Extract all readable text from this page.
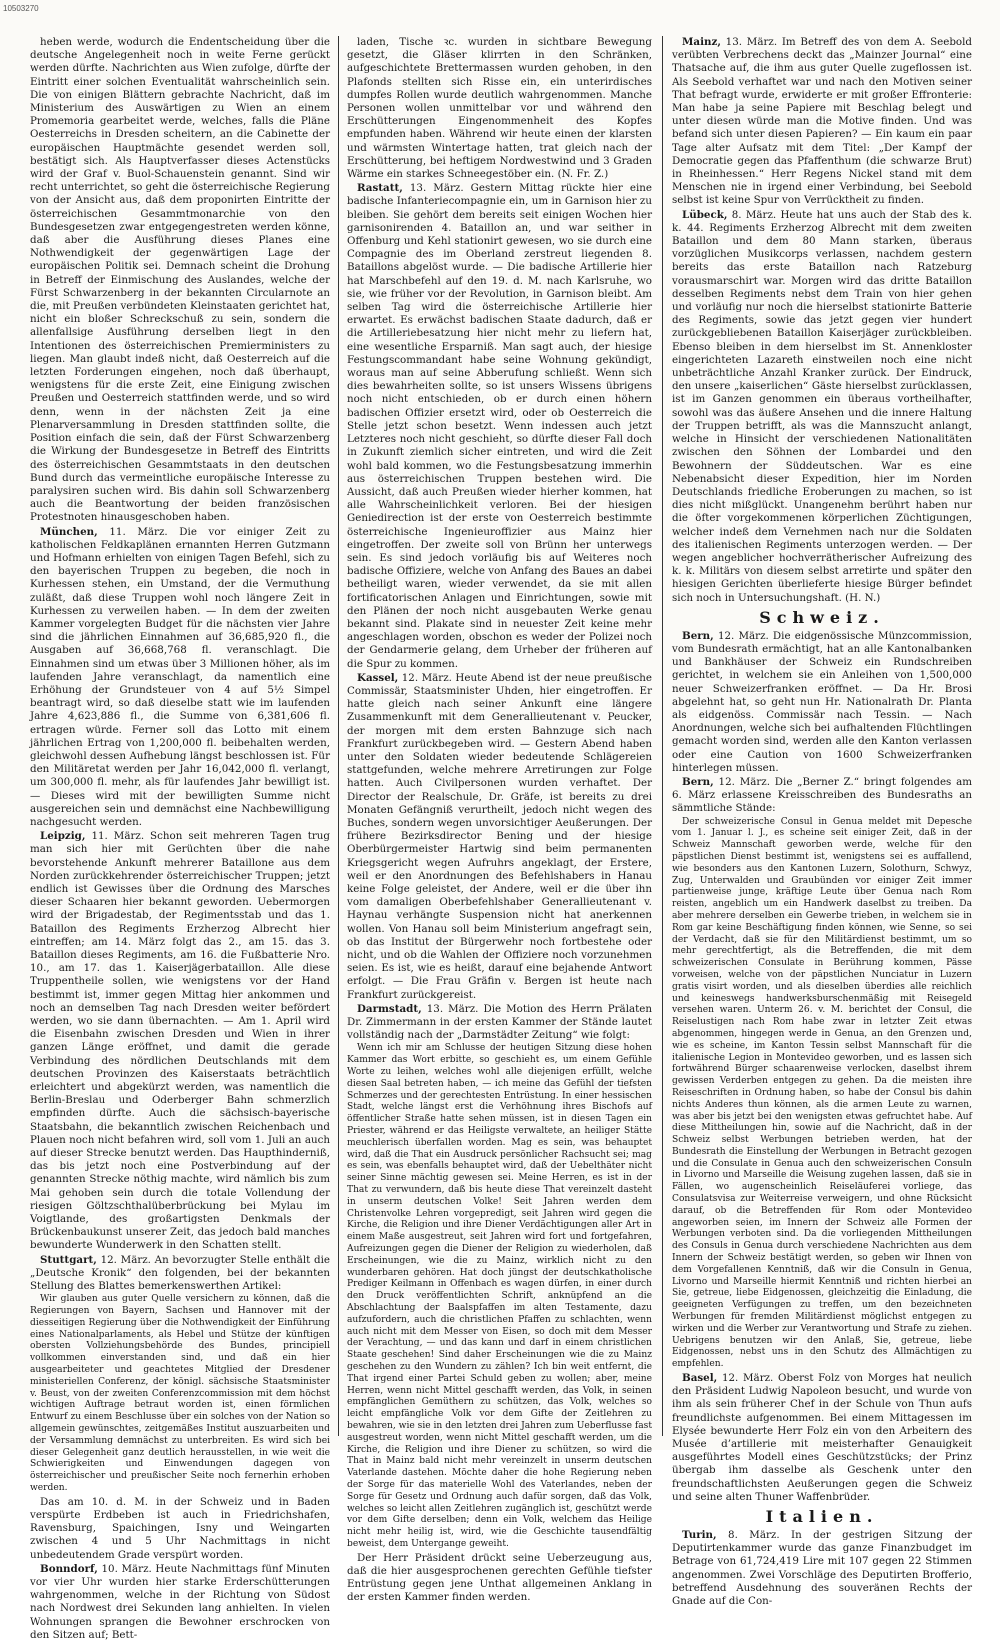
10503270

heben werde, wodurch die Endentscheidung über die deutsche Angelegenheit noch in weite Ferne gerückt werden dürfte. Nachrichten aus Wien zufolge, dürfte der Eintritt einer solchen Eventualität wahrscheinlich sein. Die von einigen Blättern gebrachte Nachricht, daß im Ministerium des Auswärtigen zu Wien an einem Promemoria gearbeitet werde, welches, falls die Pläne Oesterreichs in Dresden scheitern, an die Cabinette der europäischen Hauptmächte gesendet werden soll, bestätigt sich. Als Hauptverfasser dieses Actenstücks wird der Graf v. Buol-Schauenstein genannt. Sind wir recht unterrichtet, so geht die österreichische Regierung von der Ansicht aus, daß dem proponirten Eintritte der österreichischen Gesammtmonarchie von den Bundesgesetzen zwar entgegengestreten werden könne, daß aber die Ausführung dieses Planes eine Nothwendigkeit der gegenwärtigen Lage der europäischen Politik sei. Demnach scheint die Drohung in Betreff der Einmischung des Auslandes, welche der Fürst Schwarzenberg in der bekannten Circularnote an die, mit Preußen verbündeten Kleinstaaten gerichtet hat, nicht ein bloßer Schreckschuß zu sein, sondern die allenfallsige Ausführung derselben liegt in den Intentionen des österreichischen Premierministers zu liegen. Man glaubt indeß nicht, daß Oesterreich auf die letzten Forderungen eingehen, noch daß überhaupt, wenigstens für die erste Zeit, eine Einigung zwischen Preußen und Oesterreich stattfinden werde, und so wird denn, wenn in der nächsten Zeit ja eine Plenarversammlung in Dresden stattfinden sollte, die Position einfach die sein, daß der Fürst Schwarzenberg die Wirkung der Bundesgesetze in Betreff des Eintritts des österreichischen Gesammtstaats in den deutschen Bund durch das vermeintliche europäische Interesse zu paralysiren suchen wird. Bis dahin soll Schwarzenberg auch die Beantwortung der beiden französischen Protestnoten hinausgeschoben haben.

München, 11. März. Die vor einiger Zeit zu katholischen Feldkaplänen ernannten Herren Gutzmann und Hofmann erhielten von einigen Tagen Befehl, sich zu den bayerischen Truppen zu begeben, die noch in Kurhessen stehen, ein Umstand, der die Vermuthung zuläßt, daß diese Truppen wohl noch längere Zeit in Kurhessen zu verweilen haben. — In dem der zweiten Kammer vorgelegten Budget für die nächsten vier Jahre sind die jährlichen Einnahmen auf 36,685,920 fl., die Ausgaben auf 36,668,768 fl. veranschlagt. Die Einnahmen sind um etwas über 3 Millionen höher, als im laufenden Jahre veranschlagt, da namentlich eine Erhöhung der Grundsteuer von 4 auf 5½ Simpel beantragt wird, so daß dieselbe statt wie im laufenden Jahre 4,623,886 fl., die Summe von 6,381,606 fl. ertragen würde. Ferner soll das Lotto mit einem jährlichen Ertrag von 1,200,000 fl. beibehalten werden, gleichwohl dessen Aufhebung längst beschlossen ist. Für den Militäretat werden per Jahr 16,042,000 fl. verlangt, um 300,000 fl. mehr, als für laufendes Jahr bewilligt ist. — Dieses wird mit der bewilligten Summe nicht ausgereichen sein und demnächst eine Nachbewilligung nachgesucht werden.

Leipzig, 11. März. Schon seit mehreren Tagen trug man sich hier mit Gerüchten über die nahe bevorstehende Ankunft mehrerer Bataillone aus dem Norden zurückkehrender österreichischer Truppen; jetzt endlich ist Gewisses über die Ordnung des Marsches dieser Schaaren hier bekannt geworden. Uebermorgen wird der Brigadestab, der Regimentsstab und das 1. Bataillon des Regiments Erzherzog Albrecht hier eintreffen; am 14. März folgt das 2., am 15. das 3. Bataillon dieses Regiments, am 16. die Fußbatterie Nro. 10., am 17. das 1. Kaiserjägerbataillon. Alle diese Truppentheile sollen, wie wenigstens vor der Hand bestimmt ist, immer gegen Mittag hier ankommen und noch an demselben Tag nach Dresden weiter befördert werden, wo sie dann übernachten. — Am 1. April wird die Eisenbahn zwischen Dresden und Wien in ihrer ganzen Länge eröffnet, und damit die gerade Verbindung des nördlichen Deutschlands mit dem deutschen Provinzen des Kaiserstaats beträchtlich erleichtert und abgekürzt werden, was namentlich die Berlin-Breslau und Oderberger Bahn schmerzlich empfinden dürfte. Auch die sächsisch-bayerische Staatsbahn, die bekanntlich zwischen Reichenbach und Plauen noch nicht befahren wird, soll vom 1. Juli an auch auf dieser Strecke benutzt werden. Das Haupthinderniß, das bis jetzt noch eine Postverbindung auf der genannten Strecke nöthig machte, wird nämlich bis zum Mai gehoben sein durch die totale Vollendung der riesigen Göltzschthalüberbrückung bei Mylau im Voigtlande, des großartigsten Denkmals der Brückenbaukunst unserer Zeit, das jedoch bald manches bewunderte Wunderwerk in den Schatten stellt.

Stuttgart, 12. März. An bevorzugter Stelle enthält die „Deutsche Kronik“ den folgenden, bei der bekannten Stellung des Blattes bemerkenswerthen Artikel:

Wir glauben aus guter Quelle versichern zu können, daß die Regierungen von Bayern, Sachsen und Hannover mit der diesseitigen Regierung über die Nothwendigkeit der Einführung eines Nationalparlaments, als Hebel und Stütze der künftigen obersten Vollziehungsbehörde des Bundes, principiell vollkommen einverstanden sind, und daß ein hier ausgearbeiteter und geachtetes Mitglied der Dresdener ministeriellen Conferenz, der königl. sächsische Staatsminister v. Beust, von der zweiten Conferenzcommission mit dem höchst wichtigen Auftrage betraut worden ist, einen förmlichen Entwurf zu einem Beschlusse über ein solches von der Nation so allgemein gewünschtes, zeitgemäßes Institut auszuarbeiten und der Versammlung demnächst zu unterbreiten. Es wird sich bei dieser Gelegenheit ganz deutlich herausstellen, in wie weit die Schwierigkeiten und Einwendungen dagegen von österreichischer und preußischer Seite noch fernerhin erhoben werden.

Das am 10. d. M. in der Schweiz und in Baden verspürte Erdbeben ist auch in Friedrichshafen, Ravensburg, Spaichingen, Isny und Weingarten zwischen 4 und 5 Uhr Nachmittags in nicht unbedeutendem Grade verspürt worden.

Bonndorf, 10. März. Heute Nachmittags fünf Minuten vor vier Uhr wurden hier starke Erderschütterungen wahrgenommen, welche in der Richtung von Südost nach Nordwest drei Sekunden lang anhielten. In vielen Wohnungen sprangen die Bewohner erschrocken von den Sitzen auf; Bett-

laden, Tische ꝛc. wurden in sichtbare Bewegung gesetzt, die Gläser klirrten in den Schränken, aufgeschichtete Brettermassen wurden gehoben, in den Plafonds stellten sich Risse ein, ein unterirdisches dumpfes Rollen wurde deutlich wahrgenommen. Manche Personen wollen unmittelbar vor und während den Erschütterungen Eingenommenheit des Kopfes empfunden haben. Während wir heute einen der klarsten und wärmsten Wintertage hatten, trat gleich nach der Erschütterung, bei heftigem Nordwestwind und 3 Graden Wärme ein starkes Schneegestöber ein. (N. Fr. Z.)

Rastatt, 13. März. Gestern Mittag rückte hier eine badische Infanteriecompagnie ein, um in Garnison hier zu bleiben. Sie gehört dem bereits seit einigen Wochen hier garnisonirenden 4. Bataillon an, und war seither in Offenburg und Kehl stationirt gewesen, wo sie durch eine Compagnie des im Oberland zerstreut liegenden 8. Bataillons abgelöst wurde. — Die badische Artillerie hier hat Marschbefehl auf den 19. d. M. nach Karlsruhe, wo sie, wie früher vor der Revolution, in Garnison bleibt. Am selben Tag wird die österreichische Artillerie hier erwartet. Es erwächst badischen Staate dadurch, daß er die Artilleriebesatzung hier nicht mehr zu liefern hat, eine wesentliche Ersparniß. Man sagt auch, der hiesige Festungscommandant habe seine Wohnung gekündigt, woraus man auf seine Abberufung schließt. Wenn sich dies bewahrheiten sollte, so ist unsers Wissens übrigens noch nicht entschieden, ob er durch einen höhern badischen Offizier ersetzt wird, oder ob Oesterreich die Stelle jetzt schon besetzt. Wenn indessen auch jetzt Letzteres noch nicht geschieht, so dürfte dieser Fall doch in Zukunft ziemlich sicher eintreten, und wird die Zeit wohl bald kommen, wo die Festungsbesatzung immerhin aus österreichischen Truppen bestehen wird. Die Aussicht, daß auch Preußen wieder hierher kommen, hat alle Wahrscheinlichkeit verloren. Bei der hiesigen Geniedirection ist der erste von Oesterreich bestimmte österreichische Ingenieuroffizier aus Mainz hier eingetroffen. Der zweite soll von Brünn her unterwegs sein. Es sind jedoch vorläufig bis auf Weiteres noch badische Offiziere, welche von Anfang des Baues an dabei betheiligt waren, wieder verwendet, da sie mit allen fortificatorischen Anlagen und Einrichtungen, sowie mit den Plänen der noch nicht ausgebauten Werke genau bekannt sind. Plakate sind in neuester Zeit keine mehr angeschlagen worden, obschon es weder der Polizei noch der Gendarmerie gelang, dem Urheber der früheren auf die Spur zu kommen.

Kassel, 12. März. Heute Abend ist der neue preußische Commissär, Staatsminister Uhden, hier eingetroffen. Er hatte gleich nach seiner Ankunft eine längere Zusammenkunft mit dem Generallieutenant v. Peucker, der morgen mit dem ersten Bahnzuge sich nach Frankfurt zurückbegeben wird. — Gestern Abend haben unter den Soldaten wieder bedeutende Schlägereien stattgefunden, welche mehrere Arretirungen zur Folge hatten. Auch Civilpersonen wurden verhaftet. Der Director der Realschule, Dr. Gräfe, ist bereits zu drei Monaten Gefängniß verurtheilt, jedoch nicht wegen des Buches, sondern wegen unvorsichtiger Aeußerungen. Der frühere Bezirksdirector Bening und der hiesige Oberbürgermeister Hartwig sind beim permanenten Kriegsgericht wegen Aufruhrs angeklagt, der Erstere, weil er den Anordnungen des Befehlshabers in Hanau keine Folge geleistet, der Andere, weil er die über ihn vom damaligen Oberbefehlshaber Generallieutenant v. Haynau verhängte Suspension nicht hat anerkennen wollen. Von Hanau soll beim Ministerium angefragt sein, ob das Institut der Bürgerwehr noch fortbestehe oder nicht, und ob die Wahlen der Offiziere noch vorzunehmen seien. Es ist, wie es heißt, darauf eine bejahende Antwort erfolgt. — Die Frau Gräfin v. Bergen ist heute nach Frankfurt zurückgereist.

Darmstadt, 13. März. Die Motion des Herrn Prälaten Dr. Zimmermann in der ersten Kammer der Stände lautet vollständig nach der „Darmstädter Zeitung“ wie folgt:

Wenn ich mir am Schlusse der heutigen Sitzung diese hohen Kammer das Wort erbitte, so geschieht es, um einem Gefühle Worte zu leihen, welches wohl alle diejenigen erfüllt, welche diesen Saal betreten haben, — ich meine das Gefühl der tiefsten Schmerzes und der gerechtesten Entrüstung. In einer hessischen Stadt, welche längst erst die Verhöhnung ihres Bischofs auf öffentlicher Straße hatte sehen müssen, ist in diesen Tagen ein Priester, während er das Heiligste verwaltete, an heiliger Stätte meuchlerisch überfallen worden. Mag es sein, was behauptet wird, daß die That ein Ausdruck persönlicher Rachsucht sei; mag es sein, was ebenfalls behauptet wird, daß der Uebelthäter nicht seiner Sinne mächtig gewesen sei. Meine Herren, es ist in der That zu verwundern, daß bis heute diese That vereinzelt dasteht in unserm deutschen Volke! Seit Jahren werden dem Christenvolke Lehren vorgepredigt, seit Jahren wird gegen die Kirche, die Religion und ihre Diener Verdächtigungen aller Art in einem Maße ausgestreut, seit Jahren wird fort und fortgefahren, Aufreizungen gegen die Diener der Religion zu wiederholen, daß Erscheinungen, wie die zu Mainz, wirklich nicht zu den wunderbaren gehören. Hat doch jüngst der deutschkatholische Prediger Keilmann in Offenbach es wagen dürfen, in einer durch den Druck veröffentlichten Schrift, anknüpfend an die Abschlachtung der Baalspfaffen im alten Testamente, dazu aufzufordern, auch die christlichen Pfaffen zu schlachten, wenn auch nicht mit dem Messer von Eisen, so doch mit dem Messer der Verachtung, — und das kann und darf in einem christlichen Staate geschehen! Sind daher Erscheinungen wie die zu Mainz geschehen zu den Wundern zu zählen? Ich bin weit entfernt, die That irgend einer Partei Schuld geben zu wollen; aber, meine Herren, wenn nicht Mittel geschafft werden, das Volk, in seinen empfänglichen Gemüthern zu schützen, das Volk, welches so leicht empfängliche Volk vor dem Gifte der Zeitlehren zu bewahren, wie sie in den letzten drei Jahren zum Ueberflusse fast ausgestreut worden, wenn nicht Mittel geschafft werden, um die Kirche, die Religion und ihre Diener zu schützen, so wird die That in Mainz bald nicht mehr vereinzelt in unserm deutschen Vaterlande dastehen. Möchte daher die hohe Regierung neben der Sorge für das materielle Wohl des Vaterlandes, neben der Sorge für Gesetz und Ordnung auch dafür sorgen, daß das Volk, welches so leicht allen Zeitlehren zugänglich ist, geschützt werde vor dem Gifte derselben; denn ein Volk, welchem das Heilige nicht mehr heilig ist, wird, wie die Geschichte tausendfältig beweist, dem Untergange geweiht.

Der Herr Präsident drückt seine Ueberzeugung aus, daß die hier ausgesprochenen gerechten Gefühle tiefster Entrüstung gegen jene Unthat allgemeinen Anklang in der ersten Kammer finden werden.

Mainz, 13. März. Im Betreff des von dem A. Seebold verübten Verbrechens deckt das „Mainzer Journal“ eine Thatsache auf, die ihm aus guter Quelle zugeflossen ist. Als Seebold verhaftet war und nach den Motiven seiner That befragt wurde, erwiderte er mit großer Effronterie: Man habe ja seine Papiere mit Beschlag belegt und unter diesen würde man die Motive finden. Und was befand sich unter diesen Papieren? — Ein kaum ein paar Tage alter Aufsatz mit dem Titel: „Der Kampf der Democratie gegen das Pfaffenthum (die schwarze Brut) in Rheinhessen.“ Herr Regens Nickel stand mit dem Menschen nie in irgend einer Verbindung, bei Seebold selbst ist keine Spur von Verrücktheit zu finden.

Lübeck, 8. März. Heute hat uns auch der Stab des k. k. 44. Regiments Erzherzog Albrecht mit dem zweiten Bataillon und dem 80 Mann starken, überaus vorzüglichen Musikcorps verlassen, nachdem gestern bereits das erste Bataillon nach Ratzeburg vorausmarschirt war. Morgen wird das dritte Bataillon desselben Regiments nebst dem Train von hier gehen und vorläufig nur noch die hierselbst stationirte Batterie des Regiments, sowie das jetzt gegen vier hundert zurückgebliebenen Bataillon Kaiserjäger zurückbleiben. Ebenso bleiben in dem hierselbst im St. Annenkloster eingerichteten Lazareth einstweilen noch eine nicht unbeträchtliche Anzahl Kranker zurück. Der Eindruck, den unsere „kaiserlichen“ Gäste hierselbst zurücklassen, ist im Ganzen genommen ein überaus vortheilhafter, sowohl was das äußere Ansehen und die innere Haltung der Truppen betrifft, als was die Mannszucht anlangt, welche in Hinsicht der verschiedenen Nationalitäten zwischen den Söhnen der Lombardei und den Bewohnern der Süddeutschen. War es eine Nebenabsicht dieser Expedition, hier im Norden Deutschlands friedliche Eroberungen zu machen, so ist dies nicht mißglückt. Unangenehm berührt haben nur die öfter vorgekommenen körperlichen Züchtigungen, welcher indeß dem Vernehmen nach nur die Soldaten des italienischen Regiments unterzogen werden. — Der wegen angeblicher hochverrätherischer Aufreizung des k. k. Militärs von diesem selbst arretirte und später den hiesigen Gerichten überlieferte hiesige Bürger befindet sich noch in Untersuchungshaft. (H. N.)

Schweiz.

Bern, 12. März. Die eidgenössische Münzcommission, vom Bundesrath ermächtigt, hat an alle Kantonalbanken und Bankhäuser der Schweiz ein Rundschreiben gerichtet, in welchem sie ein Anleihen von 1,500,000 neuer Schweizerfranken eröffnet. — Da Hr. Brosi abgelehnt hat, so geht nun Hr. Nationalrath Dr. Planta als eidgenöss. Commissär nach Tessin. — Nach Anordnungen, welche sich bei aufhaltenden Flüchtlingen gemacht worden sind, werden alle den Kanton verlassen oder eine Caution von 1600 Schweizerfranken hinterlegen müssen.

Bern, 12. März. Die „Berner Z.“ bringt folgendes am 6. März erlassene Kreisschreiben des Bundesraths an sämmtliche Stände:

Der schweizerische Consul in Genua meldet mit Depesche vom 1. Januar l. J., es scheine seit einiger Zeit, daß in der Schweiz Mannschaft geworben werde, welche für den päpstlichen Dienst bestimmt ist, wenigstens sei es auffallend, wie besonders aus den Kantonen Luzern, Solothurn, Schwyz, Zug, Unterwalden und Graubünden vor einiger Zeit immer partienweise junge, kräftige Leute über Genua nach Rom reisten, angeblich um ein Handwerk daselbst zu treiben. Da aber mehrere derselben ein Gewerbe trieben, in welchem sie in Rom gar keine Beschäftigung finden können, wie Senne, so sei der Verdacht, daß sie für den Militärdienst bestimmt, um so mehr gerechtfertigt, als die Betreffenden, die mit dem schweizerischen Consulate in Berührung kommen, Pässe vorweisen, welche von der päpstlichen Nunciatur in Luzern gratis visirt worden, und als dieselben überdies alle reichlich und keineswegs handwerksburschenmäßig mit Reisegeld versehen waren. Unterm 26. v. M. berichtet der Consul, die Reiselustigen nach Rom habe zwar in letzter Zeit etwas abgenommen, hingegen werde in Genua, an den Grenzen und, wie es scheine, im Kanton Tessin selbst Mannschaft für die italienische Legion in Montevideo geworben, und es lassen sich fortwährend Bürger schaarenweise verlocken, daselbst ihrem gewissen Verderben entgegen zu gehen. Da die meisten ihre Reiseschriften in Ordnung haben, so habe der Consul bis dahin nichts Anderes thun können, als die armen Leute zu warnen, was aber bis jetzt bei den wenigsten etwas gefruchtet habe. Auf diese Mittheilungen hin, sowie auf die Nachricht, daß in der Schweiz selbst Werbungen betrieben werden, hat der Bundesrath die Einstellung der Werbungen in Betracht gezogen und die Consulate in Genua auch den schweizerischen Consuln in Livorno und Marseille die Weisung zugehen lassen, daß sie in Fällen, wo augenscheinlich Reiseläuferei vorliege, das Consulatsvisa zur Weiterreise verweigern, und ohne Rücksicht darauf, ob die Betreffenden für Rom oder Montevideo angeworben seien, im Innern der Schweiz alle Formen der Werbungen verboten sind. Da die vorliegenden Mittheilungen des Consuls in Genua durch verschiedene Nachrichten aus dem Innern der Schweiz bestätigt werden, so geben wir Ihnen von dem Vorgefallenen Kenntniß, daß wir die Consuln in Genua, Livorno und Marseille hiermit Kenntniß und richten hierbei an Sie, getreue, liebe Eidgenossen, gleichzeitig die Einladung, die geeigneten Verfügungen zu treffen, um den bezeichneten Werbungen für fremden Militärdienst möglichst entgegen zu wirken und die Werber zur Verantwortung und Strafe zu ziehen. Uebrigens benutzen wir den Anlaß, Sie, getreue, liebe Eidgenossen, nebst uns in den Schutz des Allmächtigen zu empfehlen.

Basel, 12. März. Oberst Folz von Morges hat neulich den Präsident Ludwig Napoleon besucht, und wurde von ihm als sein früherer Chef in der Schule von Thun aufs freundlichste aufgenommen. Bei einem Mittagessen im Elysée bewunderte Herr Folz ein von den Arbeitern des Musée d’artillerie mit meisterhafter Genauigkeit ausgeführtes Modell eines Geschützstücks; der Prinz übergab ihm dasselbe als Geschenk unter den freundschaftlichsten Aeußerungen gegen die Schweiz und seine alten Thuner Waffenbrüder.

Italien.

Turin, 8. März. In der gestrigen Sitzung der Deputirtenkammer wurde das ganze Finanzbudget im Betrage von 61,724,419 Lire mit 107 gegen 22 Stimmen angenommen. Zwei Vorschläge des Deputirten Brofferio, betreffend Ausdehnung des souveränen Rechts der Gnade auf die Con-
